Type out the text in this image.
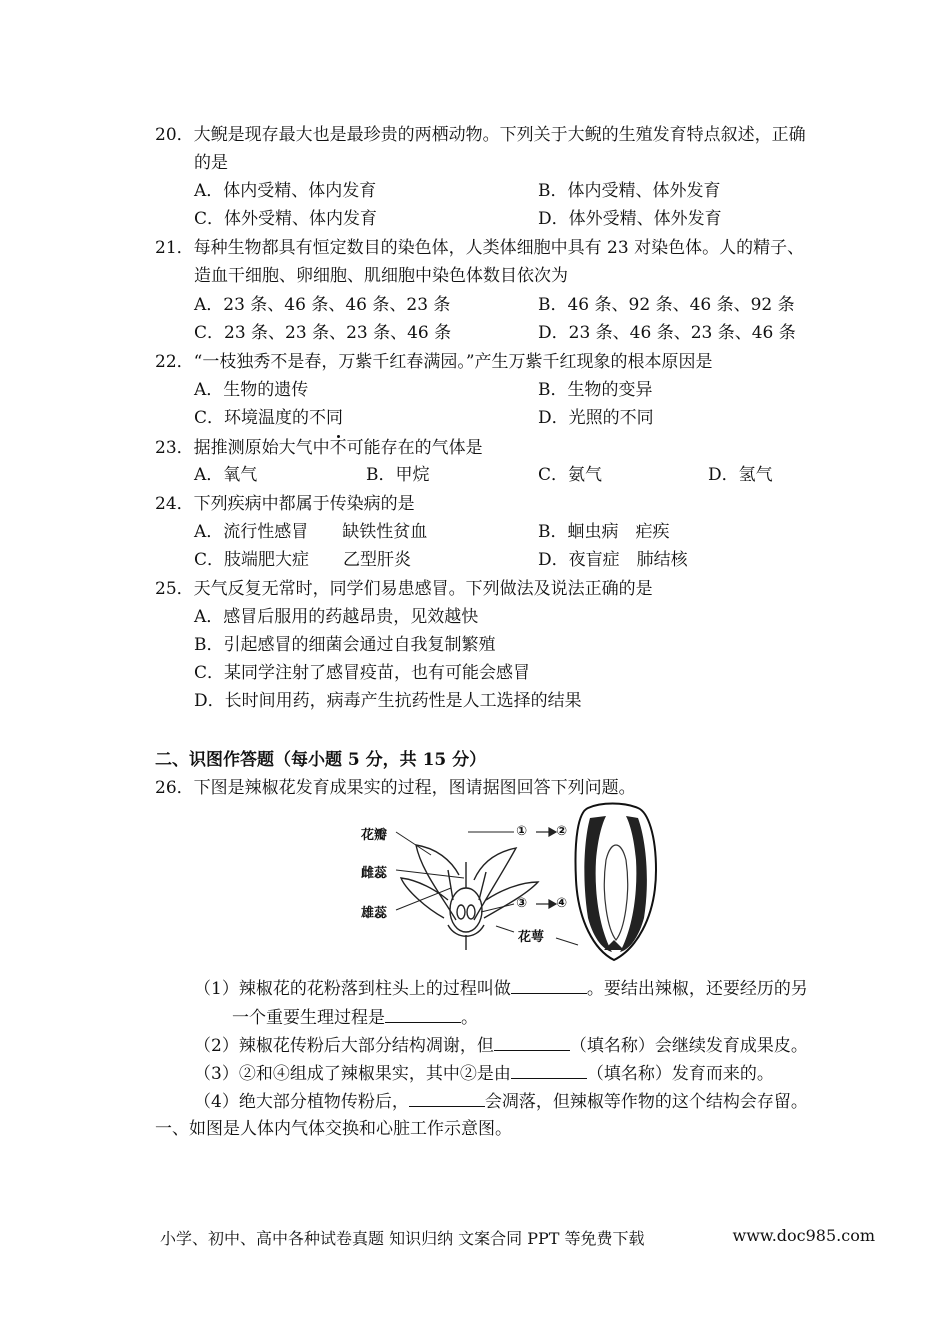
20．大鲵是现存最大也是最珍贵的两栖动物。下列关于大鲵的生殖发育特点叙述，正确
的是
A．体内受精、体内发育	B．体内受精、体外发育
C．体外受精、体内发育	D．体外受精、体外发育
21．每种生物都具有恒定数目的染色体，人类体细胞中具有 23 对染色体。人的精子、
造血干细胞、卵细胞、肌细胞中染色体数目依次为
A．23 条、46 条、46 条、23 条	B．46 条、92 条、46 条、92 条
C．23 条、23 条、23 条、46 条	D．23 条、46 条、23 条、46 条
22．“一枝独秀不是春，万紫千红春满园。”产生万紫千红现象的根本原因是
A．生物的遗传	B．生物的变异
C．环境温度的不同	D．光照的不同
23．据推测原始大气中不可能存在的气体是
A．氧气	B．甲烷	C．氨气	D．氢气
24．下列疾病中都属于传染病的是
A．流行性感冒　　缺铁性贫血	B．蛔虫病　疟疾
C．肢端肥大症　　乙型肝炎	D．夜盲症　肺结核
25．天气反复无常时，同学们易患感冒。下列做法及说法正确的是
A．感冒后服用的药越昂贵，见效越快
B．引起感冒的细菌会通过自我复制繁殖
C．某同学注射了感冒疫苗，也有可能会感冒
D．长时间用药，病毒产生抗药性是人工选择的结果
二、识图作答题（每小题 5 分，共 15 分）
26．下图是辣椒花发育成果实的过程，图请据图回答下列问题。
花瓣
雌蕊
雄蕊
① ②
③ ④
花萼
（1）辣椒花的花粉落到柱头上的过程叫做	。要结出辣椒，还要经历的另
一个重要生理过程是	。
（2）辣椒花传粉后大部分结构凋谢，但	（填名称）会继续发育成果皮。
（3）②和④组成了辣椒果实，其中②是由	（填名称）发育而来的。
（4）绝大部分植物传粉后，	会凋落，但辣椒等作物的这个结构会存留。
一、如图是人体内气体交换和心脏工作示意图。
小学、初中、高中各种试卷真题 知识归纳 文案合同 PPT 等免费下载	www.doc985.com
